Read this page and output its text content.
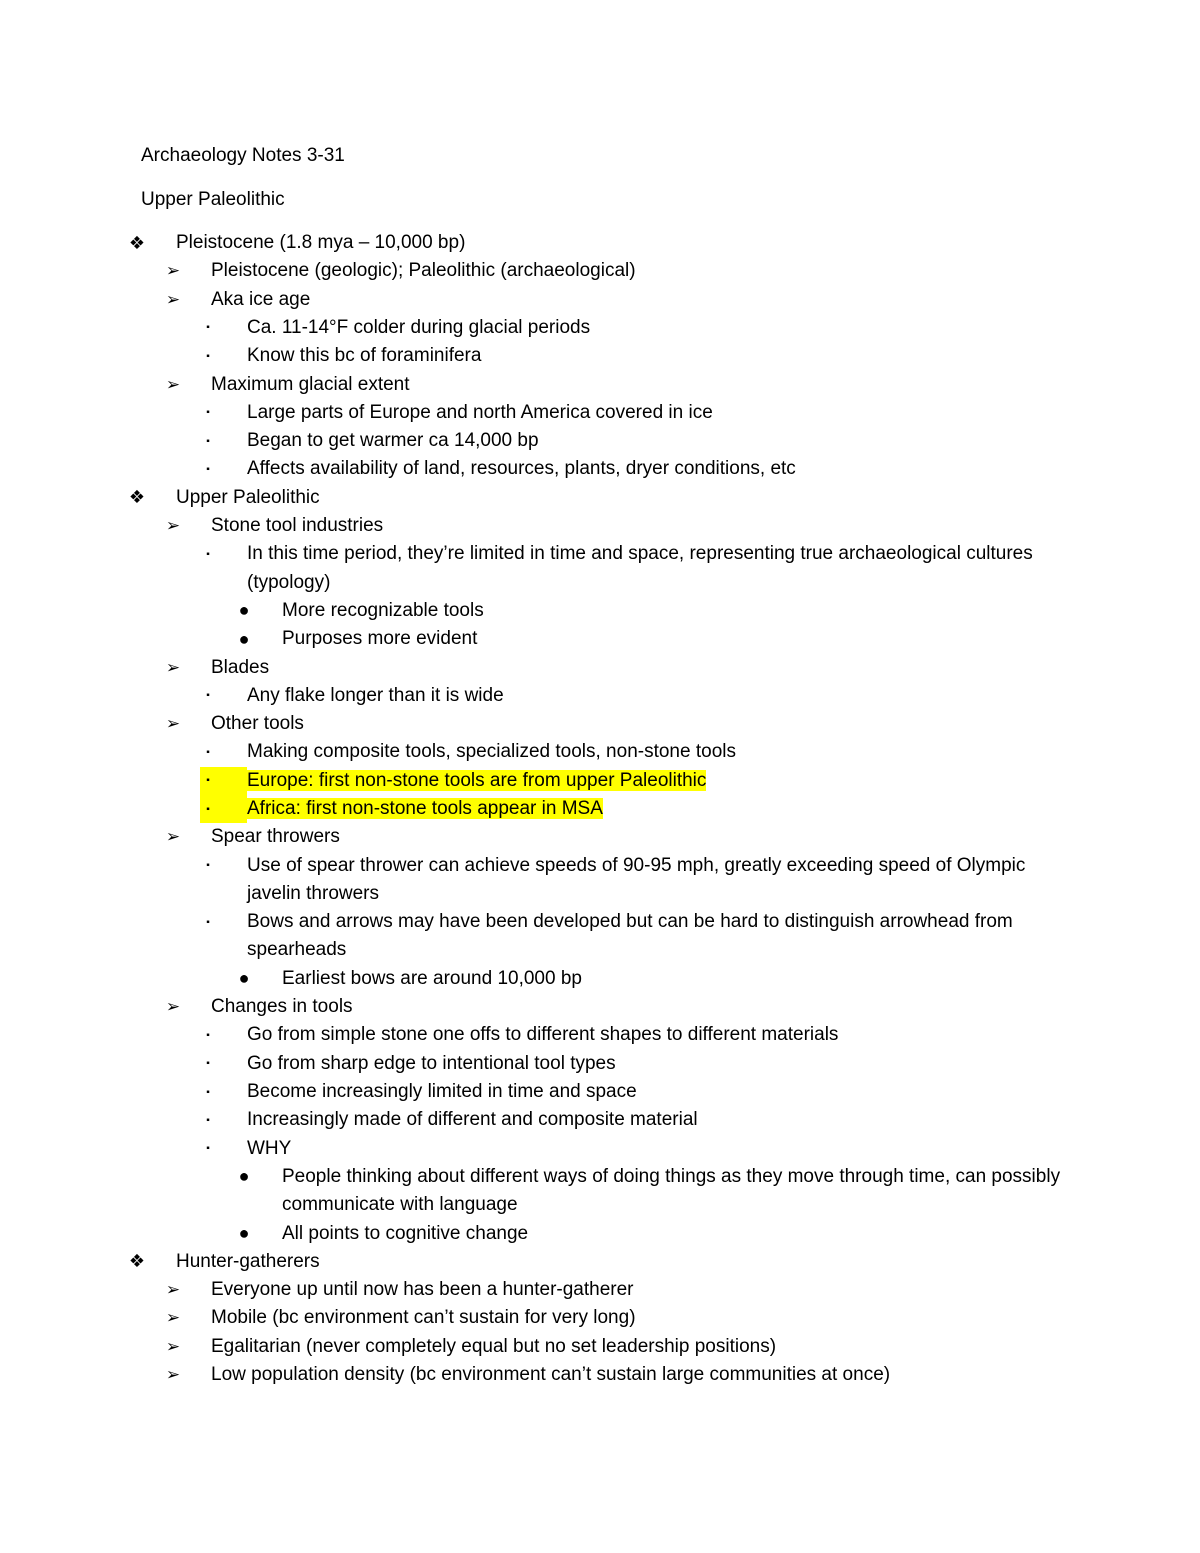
Archaeology Notes 3-31
Upper Paleolithic
❖ Pleistocene (1.8 mya – 10,000 bp)
➢ Pleistocene (geologic); Paleolithic (archaeological)
➢ Aka ice age
▪	Ca. 11-14°F colder during glacial periods
▪	Know this bc of foraminifera
➢ Maximum glacial extent
▪	Large parts of Europe and north America covered in ice
▪	Began to get warmer ca 14,000 bp
▪	Affects availability of land, resources, plants, dryer conditions, etc
❖ Upper Paleolithic
➢ Stone tool industries
▪	In this time period, they’re limited in time and space, representing true archaeological cultures (typology)
●	More recognizable tools
●	Purposes more evident
➢ Blades
▪	Any flake longer than it is wide
➢ Other tools
▪	Making composite tools, specialized tools, non-stone tools
▪	Europe: first non-stone tools are from upper Paleolithic
▪	Africa: first non-stone tools appear in MSA
➢ Spear throwers
▪	Use of spear thrower can achieve speeds of 90-95 mph, greatly exceeding speed of Olympic javelin throwers
▪	Bows and arrows may have been developed but can be hard to distinguish arrowhead from spearheads
●	Earliest bows are around 10,000 bp
➢ Changes in tools
▪	Go from simple stone one offs to different shapes to different materials
▪	Go from sharp edge to intentional tool types
▪	Become increasingly limited in time and space
▪	Increasingly made of different and composite material
▪	WHY
●	People thinking about different ways of doing things as they move through time, can possibly communicate with language
●	All points to cognitive change
❖ Hunter-gatherers
➢ Everyone up until now has been a hunter-gatherer
➢ Mobile (bc environment can’t sustain for very long)
➢ Egalitarian (never completely equal but no set leadership positions)
➢ Low population density (bc environment can’t sustain large communities at once)
